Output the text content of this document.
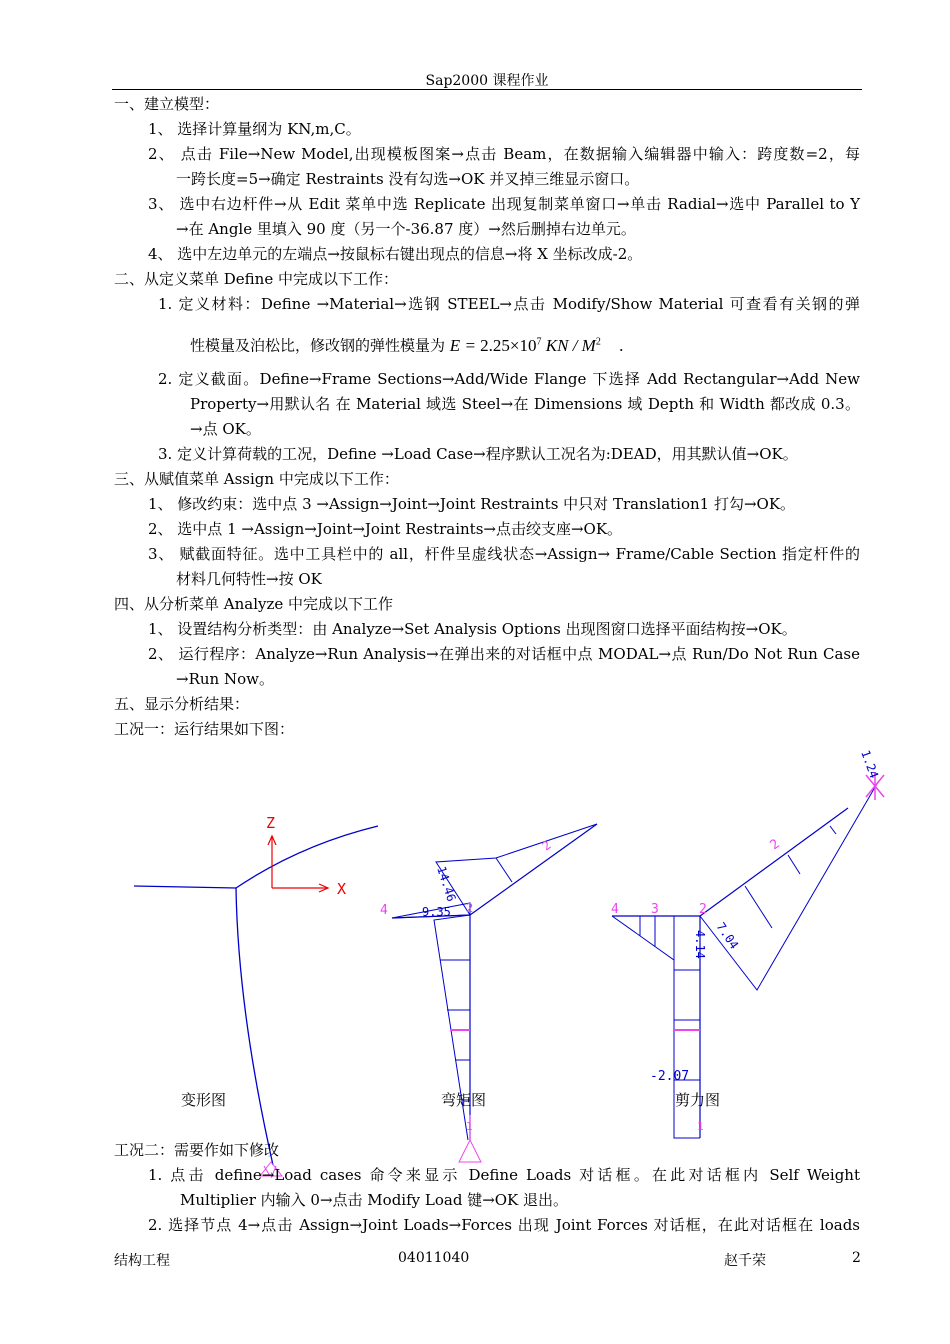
Sap2000 课程作业
一、建立模型：
1、 选择计算量纲为 KN,m,C。
2、 点击 File→New Model,出现模板图案→点击 Beam，在数据输入编辑器中输入：跨度数=2，每
一跨长度=5→确定 Restraints 没有勾选→OK 并叉掉三维显示窗口。
3、 选中右边杆件→从 Edit 菜单中选 Replicate 出现复制菜单窗口→单击 Radial→选中 Parallel to Y
→在 Angle 里填入 90 度（另一个-36.87 度）→然后删掉右边单元。
4、 选中左边单元的左端点→按鼠标右键出现点的信息→将 X 坐标改成-2。
二、从定义菜单 Define 中完成以下工作：
1. 定义材料：Define →Material→选钢 STEEL→点击 Modify/Show Material 可查看有关钢的弹
性模量及泊松比，修改钢的弹性模量为 $E = 2.25\times 10^7$ KN / $M^2$ .
2. 定义截面。Define→Frame Sections→Add/Wide Flange 下选择 Add Rectangular→Add New
Property→用默认名 在 Material 域选 Steel→在 Dimensions 域 Depth 和 Width 都改成 0.3。
→点 OK。
3. 定义计算荷载的工况，Define →Load Case→程序默认工况名为:DEAD，用其默认值→OK。
三、从赋值菜单 Assign 中完成以下工作：
1、 修改约束：选中点 3 →Assign→Joint→Joint Restraints 中只对 Translation1 打勾→OK。
2、 选中点 1 →Assign→Joint→Joint Restraints→点击绞支座→OK。
3、 赋截面特征。选中工具栏中的 all，杆件呈虚线状态→Assign→ Frame/Cable Section 指定杆件的
材料几何特性→按 OK
四、从分析菜单 Analyze 中完成以下工作
1、 设置结构分析类型：由 Analyze→Set Analysis Options 出现图窗口选择平面结构按→OK。
2、 运行程序：Analyze→Run Analysis→在弹出来的对话框中点 MODAL→点 Run/Do Not Run Case
→Run Now。
五、显示分析结果：
工况一：运行结果如下图：
Z
X
4	2
14.46
9.35
2
1
4 3	2
2
1.24
7.04
4.14
-2.07
1
变形图	弯矩图	剪力图
工况二：需要作如下修改
1. 点击 define→Load cases 命令来显示 Define Loads 对话框。在此对话框内 Self Weight
Multiplier 内输入 0→点击 Modify Load 键→OK 退出。
2. 选择节点 4→点击 Assign→Joint Loads→Forces 出现 Joint Forces 对话框，在此对话框在 loads
结构工程	04011040	赵千荣	2
